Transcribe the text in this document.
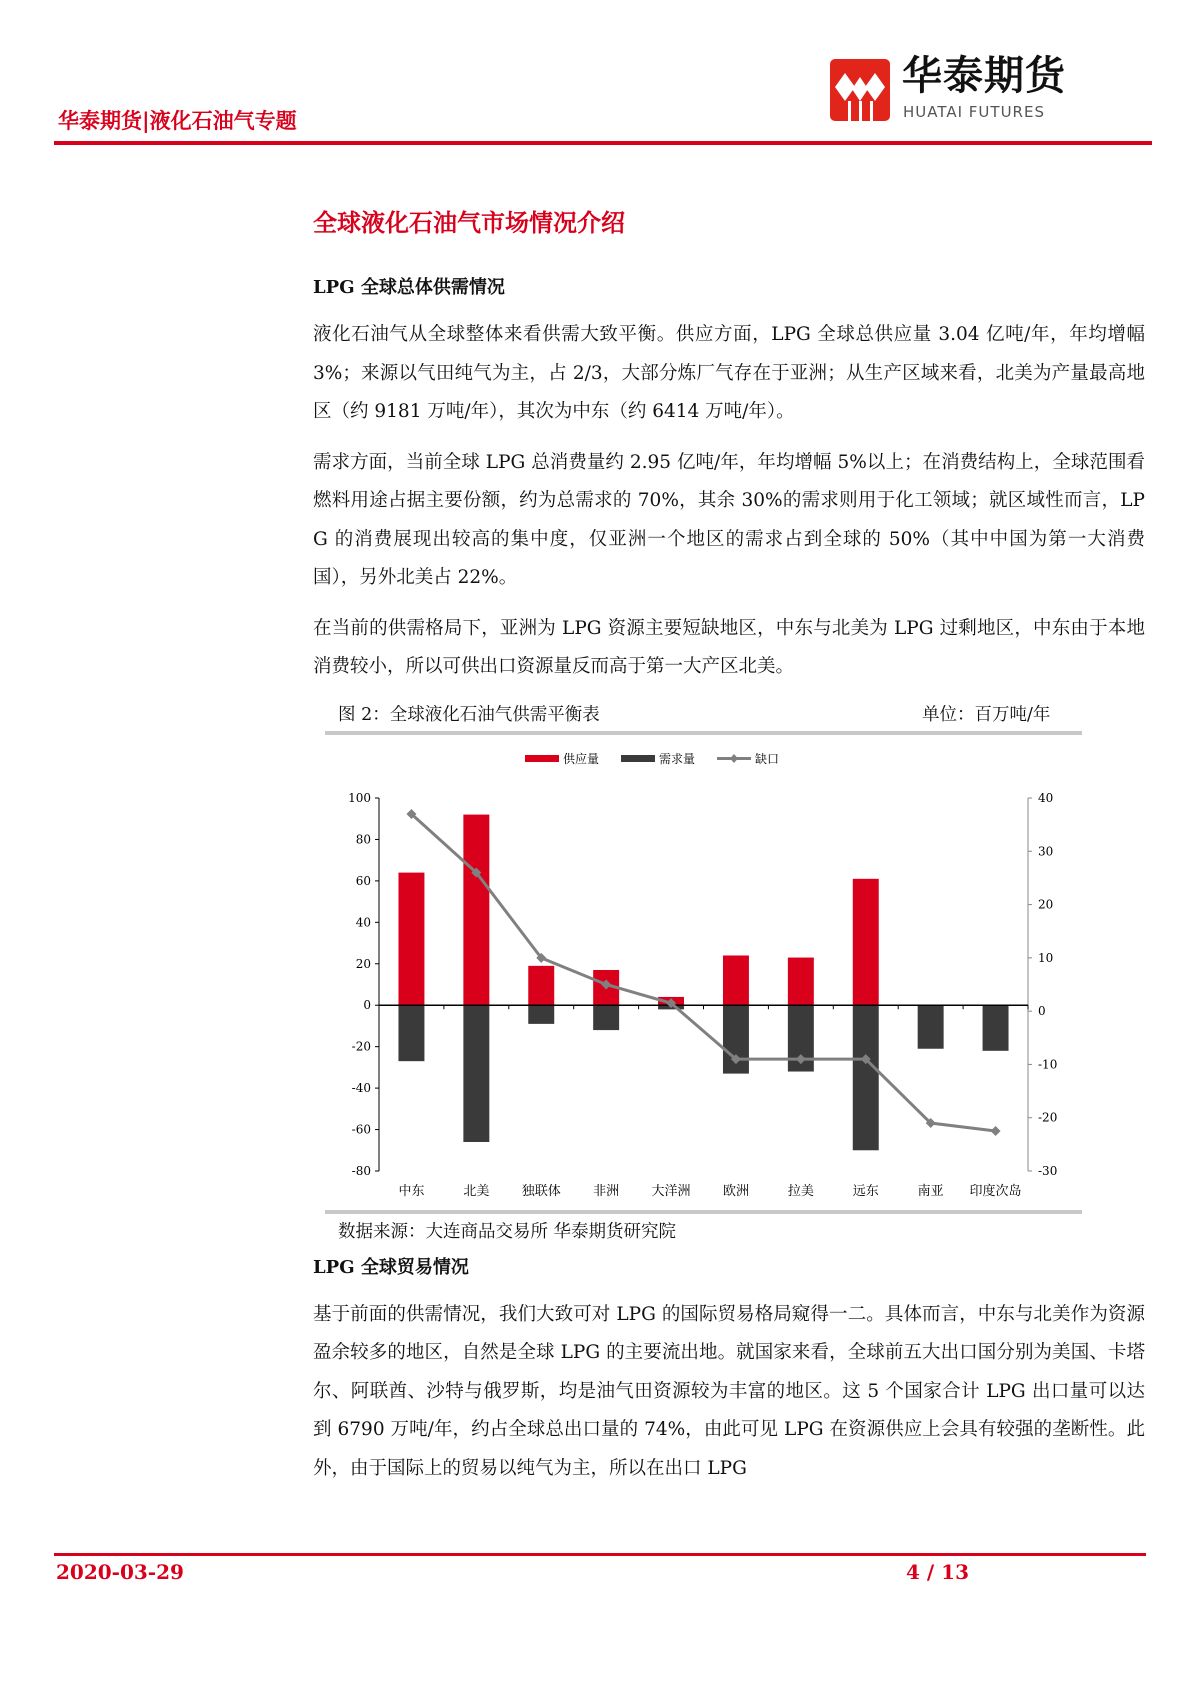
华泰期货|液化石油气专题
华泰期货
HUATAI FUTURES
全球液化石油气市场情况介绍
LPG 全球总体供需情况
液化石油气从全球整体来看供需大致平衡。供应方面，LPG 全球总供应量 3.04 亿吨/年，年均增幅 3%；来源以气田纯气为主，占 2/3，大部分炼厂气存在于亚洲；从生产区域来看，北美为产量最高地区（约 9181 万吨/年），其次为中东（约 6414 万吨/年）。
需求方面，当前全球 LPG 总消费量约 2.95 亿吨/年，年均增幅 5%以上；在消费结构上，全球范围看燃料用途占据主要份额，约为总需求的 70%，其余 30%的需求则用于化工领域；就区域性而言，LPG 的消费展现出较高的集中度，仅亚洲一个地区的需求占到全球的 50%（其中中国为第一大消费国），另外北美占 22%。
在当前的供需格局下，亚洲为 LPG 资源主要短缺地区，中东与北美为 LPG 过剩地区，中东由于本地消费较小，所以可供出口资源量反而高于第一大产区北美。
图 2：全球液化石油气供需平衡表	单位：百万吨/年
供应量	需求量	缺口
100
80
60
40
20
0
-20
-40
-60
-80
40
30
20
10
0
-10
-20
-30
中东	北美 独联体 非洲 大洋洲 欧洲	拉美	远东	南亚 印度次岛
数据来源：大连商品交易所 华泰期货研究院
LPG 全球贸易情况
基于前面的供需情况，我们大致可对 LPG 的国际贸易格局窥得一二。具体而言，中东与北美作为资源盈余较多的地区，自然是全球 LPG 的主要流出地。就国家来看，全球前五大出口国分别为美国、卡塔尔、阿联酋、沙特与俄罗斯，均是油气田资源较为丰富的地区。这 5 个国家合计 LPG 出口量可以达到 6790 万吨/年，约占全球总出口量的 74%，由此可见 LPG 在资源供应上会具有较强的垄断性。此外，由于国际上的贸易以纯气为主，所以在出口 LPG
2020-03-29	4 / 13
